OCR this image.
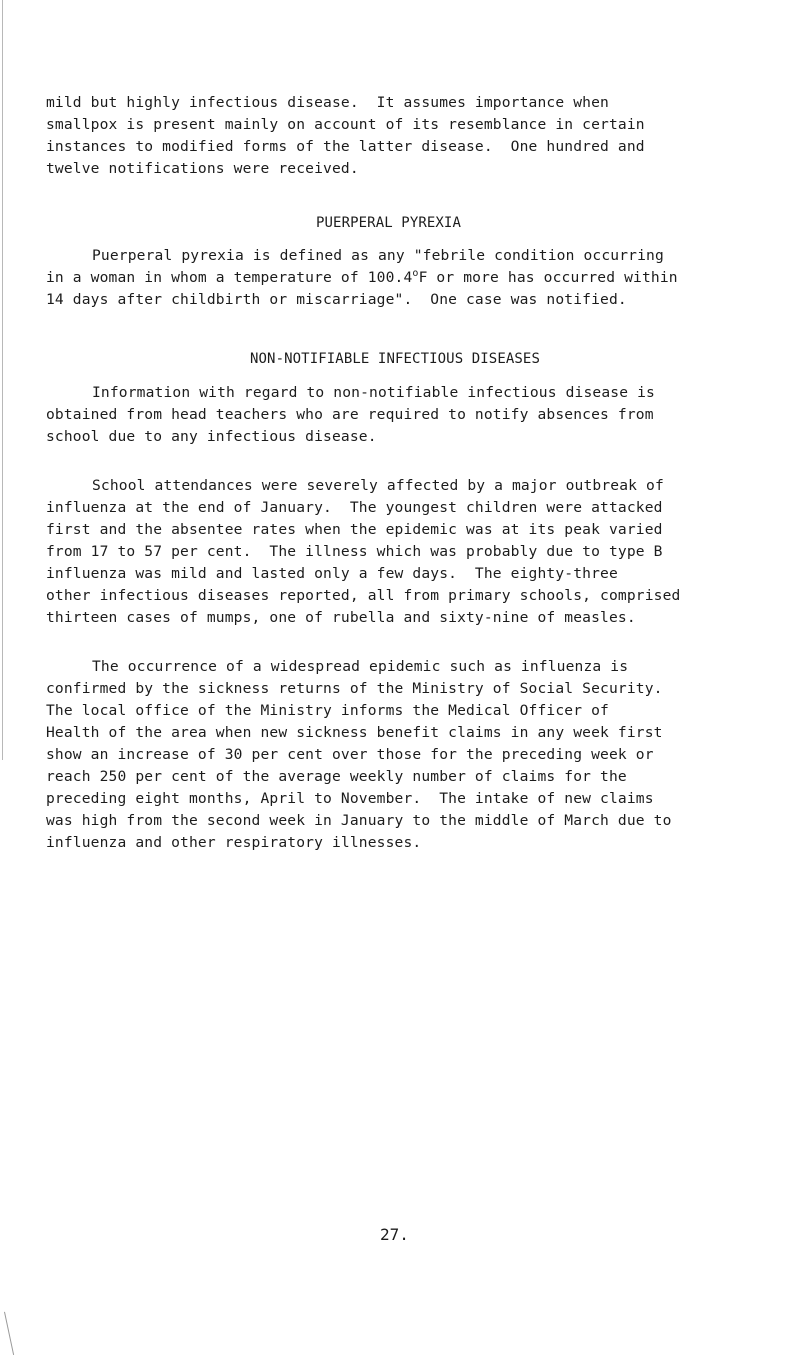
mild but highly infectious disease.  It assumes importance when
smallpox is present mainly on account of its resemblance in certain
instances to modified forms of the latter disease.  One hundred and
twelve notifications were received.
PUERPERAL PYREXIA
Puerperal pyrexia is defined as any "febrile condition occurring
in a woman in whom a temperature of 100.4$^o$F or more has occurred within
14 days after childbirth or miscarriage".  One case was notified.
NON-NOTIFIABLE INFECTIOUS DISEASES
Information with regard to non-notifiable infectious disease is
obtained from head teachers who are required to notify absences from
school due to any infectious disease.
School attendances were severely affected by a major outbreak of
influenza at the end of January.  The youngest children were attacked
first and the absentee rates when the epidemic was at its peak varied
from 17 to 57 per cent.  The illness which was probably due to type B
influenza was mild and lasted only a few days.  The eighty-three
other infectious diseases reported, all from primary schools, comprised
thirteen cases of mumps, one of rubella and sixty-nine of measles.
The occurrence of a widespread epidemic such as influenza is
confirmed by the sickness returns of the Ministry of Social Security.
The local office of the Ministry informs the Medical Officer of
Health of the area when new sickness benefit claims in any week first
show an increase of 30 per cent over those for the preceding week or
reach 250 per cent of the average weekly number of claims for the
preceding eight months, April to November.  The intake of new claims
was high from the second week in January to the middle of March due to
influenza and other respiratory illnesses.
27.
